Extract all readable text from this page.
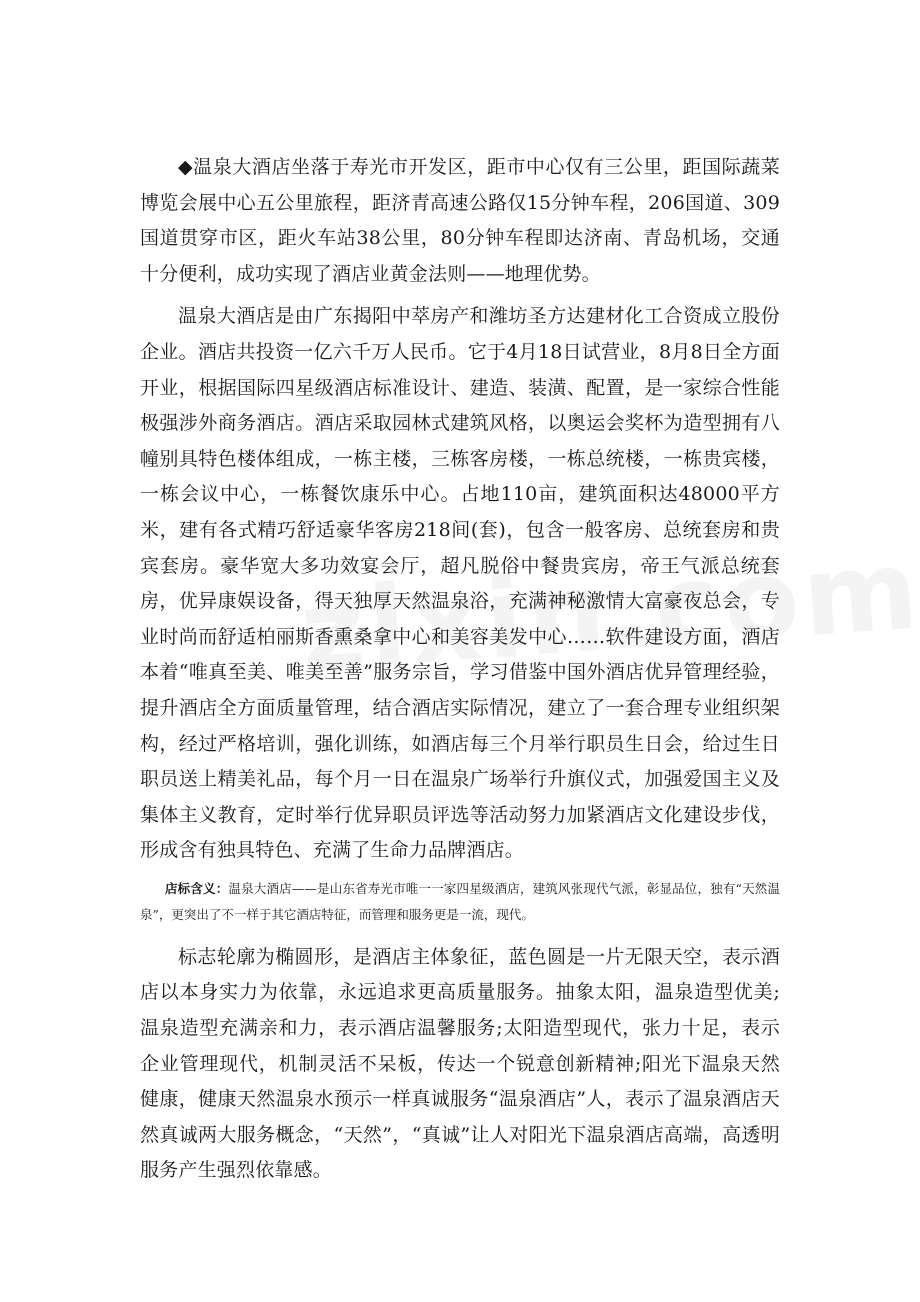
◆温泉大酒店坐落于寿光市开发区，距市中心仅有三公里，距国际蔬菜博览会展中心五公里旅程，距济青高速公路仅15分钟车程，206国道、309国道贯穿市区，距火车站38公里，80分钟车程即达济南、青岛机场，交通十分便利，成功实现了酒店业黄金法则——地理优势。

温泉大酒店是由广东揭阳中萃房产和潍坊圣方达建材化工合资成立股份企业。酒店共投资一亿六千万人民币。它于4月18日试营业，8月8日全方面开业，根据国际四星级酒店标准设计、建造、装潢、配置，是一家综合性能极强涉外商务酒店。酒店采取园林式建筑风格，以奥运会奖杯为造型拥有八幢别具特色楼体组成，一栋主楼，三栋客房楼，一栋总统楼，一栋贵宾楼，一栋会议中心，一栋餐饮康乐中心。占地110亩，建筑面积达48000平方米，建有各式精巧舒适豪华客房218间(套)，包含一般客房、总统套房和贵宾套房。豪华宽大多功效宴会厅，超凡脱俗中餐贵宾房，帝王气派总统套房，优异康娱设备，得天独厚天然温泉浴，充满神秘激情大富豪夜总会，专业时尚而舒适柏丽斯香熏桑拿中心和美容美发中心……软件建设方面，酒店本着“唯真至美、唯美至善”服务宗旨，学习借鉴中国外酒店优异管理经验，提升酒店全方面质量管理，结合酒店实际情况，建立了一套合理专业组织架构，经过严格培训，强化训练，如酒店每三个月举行职员生日会，给过生日职员送上精美礼品，每个月一日在温泉广场举行升旗仪式，加强爱国主义及集体主义教育，定时举行优异职员评选等活动努力加紧酒店文化建设步伐，形成含有独具特色、充满了生命力品牌酒店。

店标含义：温泉大酒店——是山东省寿光市唯一一家四星级酒店，建筑风张现代气派，彰显品位，独有“天然温泉”，更突出了不一样于其它酒店特征，而管理和服务更是一流，现代。

标志轮廓为椭圆形，是酒店主体象征，蓝色圆是一片无限天空，表示酒店以本身实力为依靠，永远追求更高质量服务。抽象太阳，温泉造型优美;温泉造型充满亲和力，表示酒店温馨服务;太阳造型现代，张力十足，表示企业管理现代，机制灵活不呆板，传达一个锐意创新精神;阳光下温泉天然健康，健康天然温泉水预示一样真诚服务“温泉酒店”人，表示了温泉酒店天然真诚两大服务概念，“天然”，“真诚”让人对阳光下温泉酒店高端，高透明服务产生强烈依靠感。
